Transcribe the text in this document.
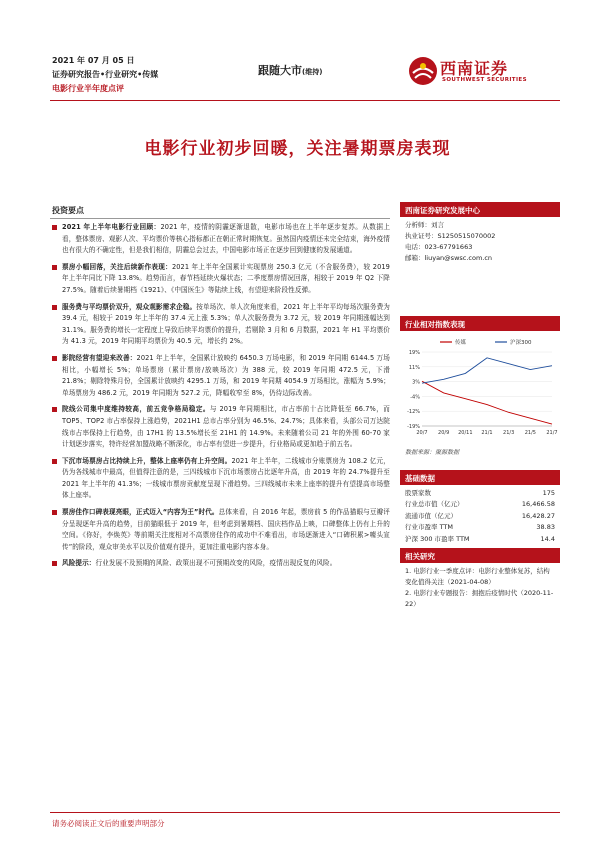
2021 年 07 月 05 日
证券研究报告•行业研究•传媒
电影行业半年度点评
跟随大市(维持)	西南证券
SOUTHWEST SECURITIES
电影行业初步回暖，关注暑期票房表现
投资要点
2021 年上半年电影行业回顾：2021 年，疫情的阴霾逐渐退散，电影市场也在上半年逐步复苏。从数据上看，整体票房、观影人次、平均票价等核心指标都正在朝正常时期恢复。虽然国内疫情还未完全结束，海外疫情也有很大的不确定性，但是我们相信，阴霾总会过去，中国电影市场正在逐步回到健康的发展通道。
票房小幅回落，关注后续新作表现：2021 年上半年全国累计实现票房 250.3 亿元（不含服务费），较 2019 年上半年同比下降 13.8%。趋势而言，春节档延续火爆状态；二季度票房情况回落，相较于 2019 年 Q2 下降 27.5%。随着后续暑期档《1921》、《中国医生》等陆续上线，有望迎来阶段性反弹。
服务费与平均票价双升，观众观影需求企稳。按单场次、单人次角度来看，2021 年上半年平均每场次服务费为 39.4 元，相较于 2019 年上半年的 37.4 元上涨 5.3%；单人次服务费为 3.72 元，较 2019 年同期涨幅达到 31.1%。服务费的增长一定程度上导致后续平均票价的提升，若剔除 3 月和 6 月数据，2021 年 H1 平均票价为 41.3 元，2019 年同期平均票价为 40.5 元，增长约 2%。
影院经营有望迎来改善：2021 年上半年，全国累计放映约 6450.3 万场电影，和 2019 年同期 6144.5 万场相比，小幅增长 5%；单场票房（累计票房/放映场次）为 388 元，较 2019 年同期 472.5 元，下滑 21.8%；剔除特殊月份，全国累计放映约 4295.1 万场，和 2019 年同期 4054.9 万场相比，涨幅为 5.9%；单场票房为 486.2 元，2019 年同期为 527.2 元，降幅收窄至 8%，仍待边际改善。
院线公司集中度维持较高，前五竞争格局稳定。与 2019 年同期相比，市占率前十占比降低至 66.7%，而 TOP5、TOP2 市占率保持上涨趋势，2021H1 总市占率分别为 46.5%、24.7%；具体来看，头部公司万达院线市占率保持上行趋势，由 17H1 的 13.5%增长至 21H1 的 14.9%。未来随着公司 21 年的外围 60-70 家计划逐步落实，特许经营加盟战略不断深化，市占率有望进一步提升，行业格局或更加趋于前五名。
下沉市场票房占比持续上升，整体上座率仍有上升空间。2021 年上半年，二线城市分账票房为 108.2 亿元，仍为各线城市中最高，但值得注意的是，三四线城市下沉市场票房占比逐年升高，由 2019 年的 24.7%提升至 2021 年上半年的 41.3%；一线城市票房贡献度呈现下滑趋势。三四线城市未来上座率的提升有望提高市场整体上座率。
票房佳作口碑表现亮眼，正式迈入“内容为王”时代。总体来看，自 2016 年起，票房前 5 的作品猫眼与豆瓣评分呈现逐年升高的趋势，目前猫眼低于 2019 年，但考虑到暑期档、国庆档作品上映，口碑整体上仍有上升的空间。《你好，李焕英》等前期关注度相对不高票房佳作的成功中不难看出，市场逐渐进入“口碑积累>噱头宣传”的阶段，观众审美水平以及价值观有提升，更加注重电影内容本身。
风险提示：行业发展不及预期的风险、政策出现不可预期改变的风险，疫情出现反复的风险。
西南证券研究发展中心
分析师：刘言
执业证号：S1250515070002
电话：023-67791663
邮箱：liuyan@swsc.com.cn
行业相对指数表现
传媒	沪深300
19%
11%
3%
-4%
-12%
-19%
20/7 20/9 20/11 21/1 21/3 21/5 21/7
数据来源：聚源数据
基础数据
股票家数	175
行业总市值（亿元）	16,466.58
流通市值（亿元）	16,428.27
行业市盈率 TTM	38.83
沪深 300 市盈率 TTM	14.4
相关研究
1. 电影行业一季度点评：电影行业整体复苏，结构变化值得关注（2021-04-08）
2. 电影行业专题报告：拥抱后疫情时代（2020-11-22）
请务必阅读正文后的重要声明部分
